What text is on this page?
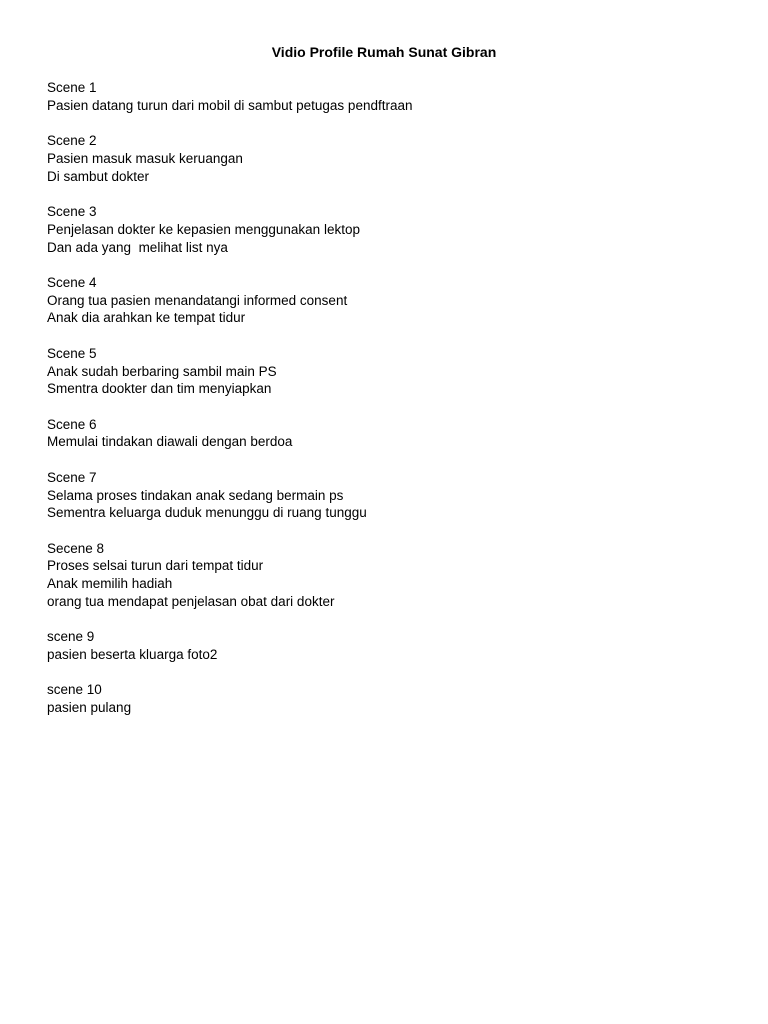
Vidio Profile Rumah Sunat Gibran
Scene 1
Pasien datang turun dari mobil di sambut petugas pendftraan
Scene 2
Pasien masuk masuk keruangan
Di sambut dokter
Scene 3
Penjelasan dokter ke kepasien menggunakan lektop
Dan ada yang  melihat list nya
Scene 4
Orang tua pasien menandatangi informed consent
Anak dia arahkan ke tempat tidur
Scene 5
Anak sudah berbaring sambil main PS
Smentra dookter dan tim menyiapkan
Scene 6
Memulai tindakan diawali dengan berdoa
Scene 7
Selama proses tindakan anak sedang bermain ps
Sementra keluarga duduk menunggu di ruang tunggu
Secene 8
Proses selsai turun dari tempat tidur
Anak memilih hadiah
orang tua mendapat penjelasan obat dari dokter
scene 9
pasien beserta kluarga foto2
scene 10
pasien pulang
